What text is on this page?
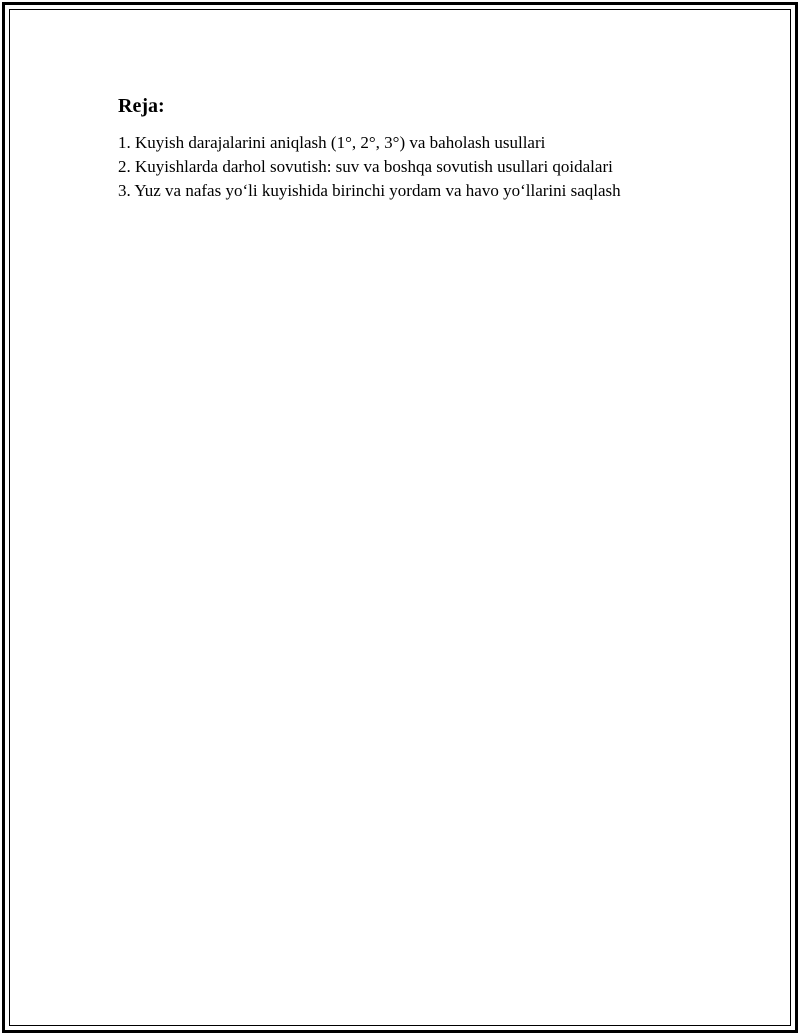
Reja:
1. Kuyish darajalarini aniqlash (1°, 2°, 3°) va baholash usullari
2. Kuyishlarda darhol sovutish: suv va boshqa sovutish usullari qoidalari
3. Yuz va nafas yo‘li kuyishida birinchi yordam va havo yo‘llarini saqlash
